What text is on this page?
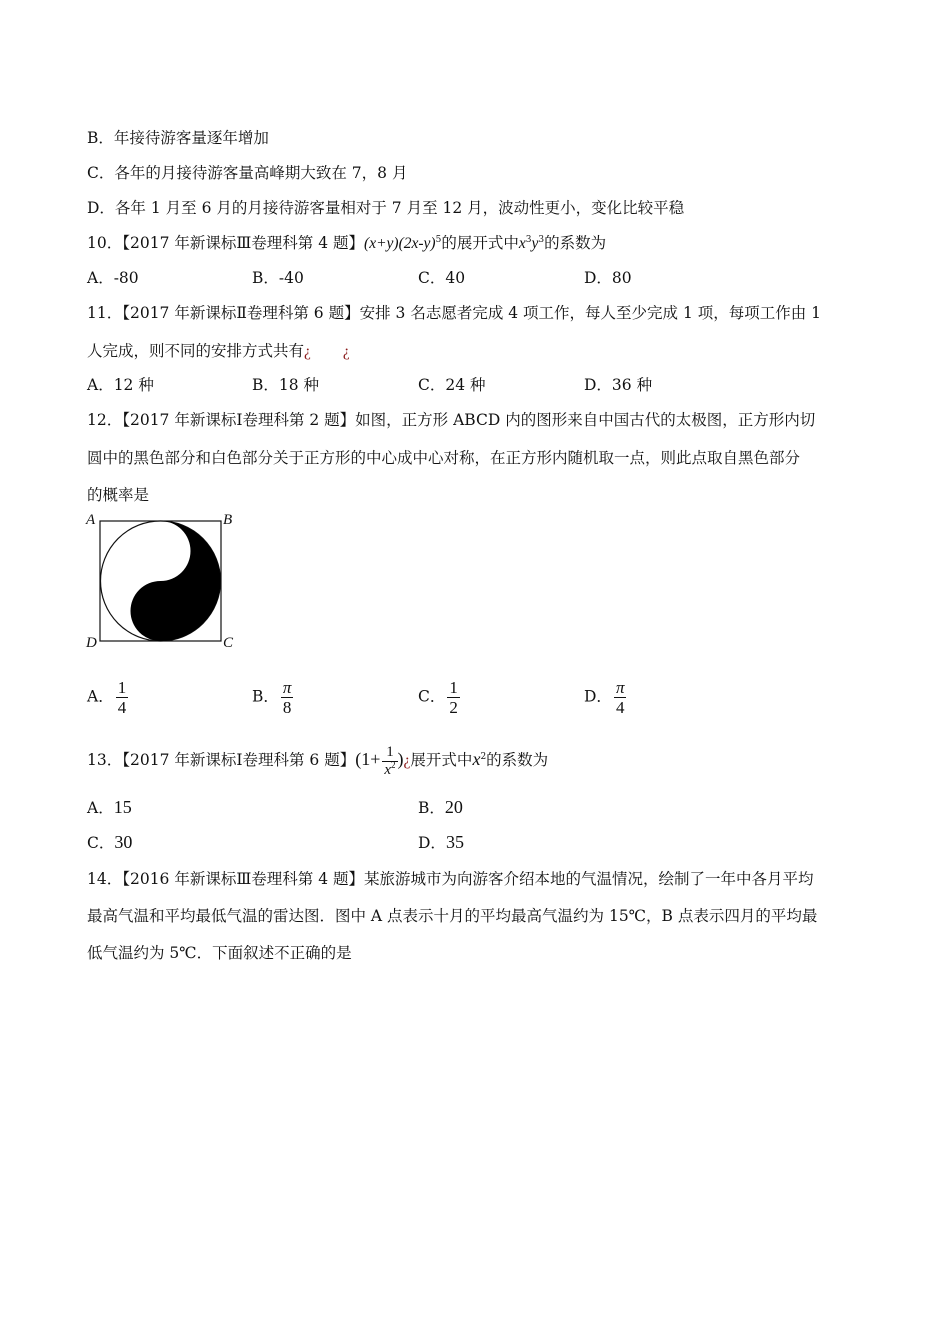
B．年接待游客量逐年增加
C．各年的月接待游客量高峰期大致在 7，8 月
D．各年 1 月至 6 月的月接待游客量相对于 7 月至 12 月，波动性更小，变化比较平稳
10．【2017 年新课标Ⅲ卷理科第 4 题】$(x+y)(2x-y)^5$的展开式中$x^3y^3$的系数为
A．-80	B．-40	C．40	D．80
11．【2017 年新课标Ⅱ卷理科第 6 题】安排 3 名志愿者完成 4 项工作，每人至少完成 1 项，每项工作由 1
人完成，则不同的安排方式共有¿ ¿
A．12 种	B．18 种	C．24 种	D．36 种
12．【2017 年新课标Ⅰ卷理科第 2 题】如图，正方形 ABCD 内的图形来自中国古代的太极图，正方形内切
圆中的黑色部分和白色部分关于正方形的中心成中心对称，在正方形内随机取一点，则此点取自黑色部分
的概率是
A	B
D	C
A． $\frac{1}{4}$	B． $\frac{\pi}{8}$	C． $\frac{1}{2}$	D． $\frac{\pi}{4}$
13．【2017 年新课标Ⅰ卷理科第 6 题】($1+ \frac{1}{x^2}$ )¿展开式中$x^2$的系数为
A．15	B．20
C．30	D．35
14．【2016 年新课标Ⅲ卷理科第 4 题】某旅游城市为向游客介绍本地的气温情况，绘制了一年中各月平均
最高气温和平均最低气温的雷达图．图中 A 点表示十月的平均最高气温约为 15℃，B 点表示四月的平均最
低气温约为 5℃．下面叙述不正确的是
